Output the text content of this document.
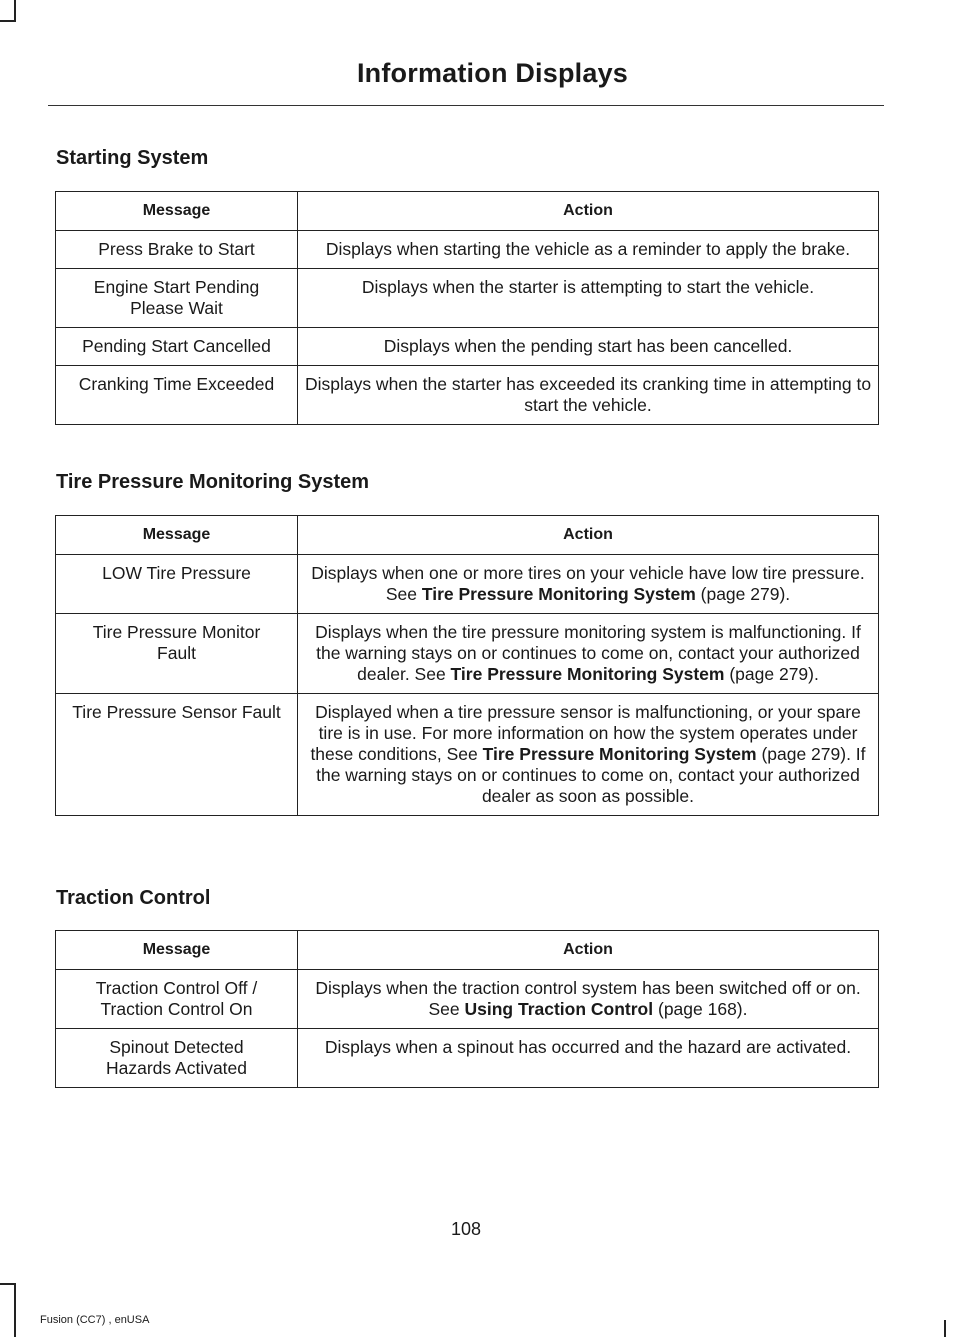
Information Displays
Starting System
Message	Action
Press Brake to Start	Displays when starting the vehicle as a reminder to apply the brake.
Engine Start Pending Please Wait	Displays when the starter is attempting to start the vehicle.
Pending Start Cancelled	Displays when the pending start has been cancelled.
Cranking Time Exceeded	Displays when the starter has exceeded its cranking time in attempting to start the vehicle.
Tire Pressure Monitoring System
Message	Action
LOW Tire Pressure	Displays when one or more tires on your vehicle have low tire pressure. See Tire Pressure Monitoring System (page 279).
Tire Pressure Monitor Fault	Displays when the tire pressure monitoring system is malfunctioning. If the warning stays on or continues to come on, contact your authorized dealer. See Tire Pressure Monitoring System (page 279).
Tire Pressure Sensor Fault	Displayed when a tire pressure sensor is malfunctioning, or your spare tire is in use. For more information on how the system operates under these conditions, See Tire Pressure Monitoring System (page 279). If the warning stays on or continues to come on, contact your authorized dealer as soon as possible.
Traction Control
Message	Action
Traction Control Off / Traction Control On	Displays when the traction control system has been switched off or on. See Using Traction Control (page 168).
Spinout Detected Hazards Activated	Displays when a spinout has occurred and the hazard are activated.
108
Fusion (CC7) , enUSA
